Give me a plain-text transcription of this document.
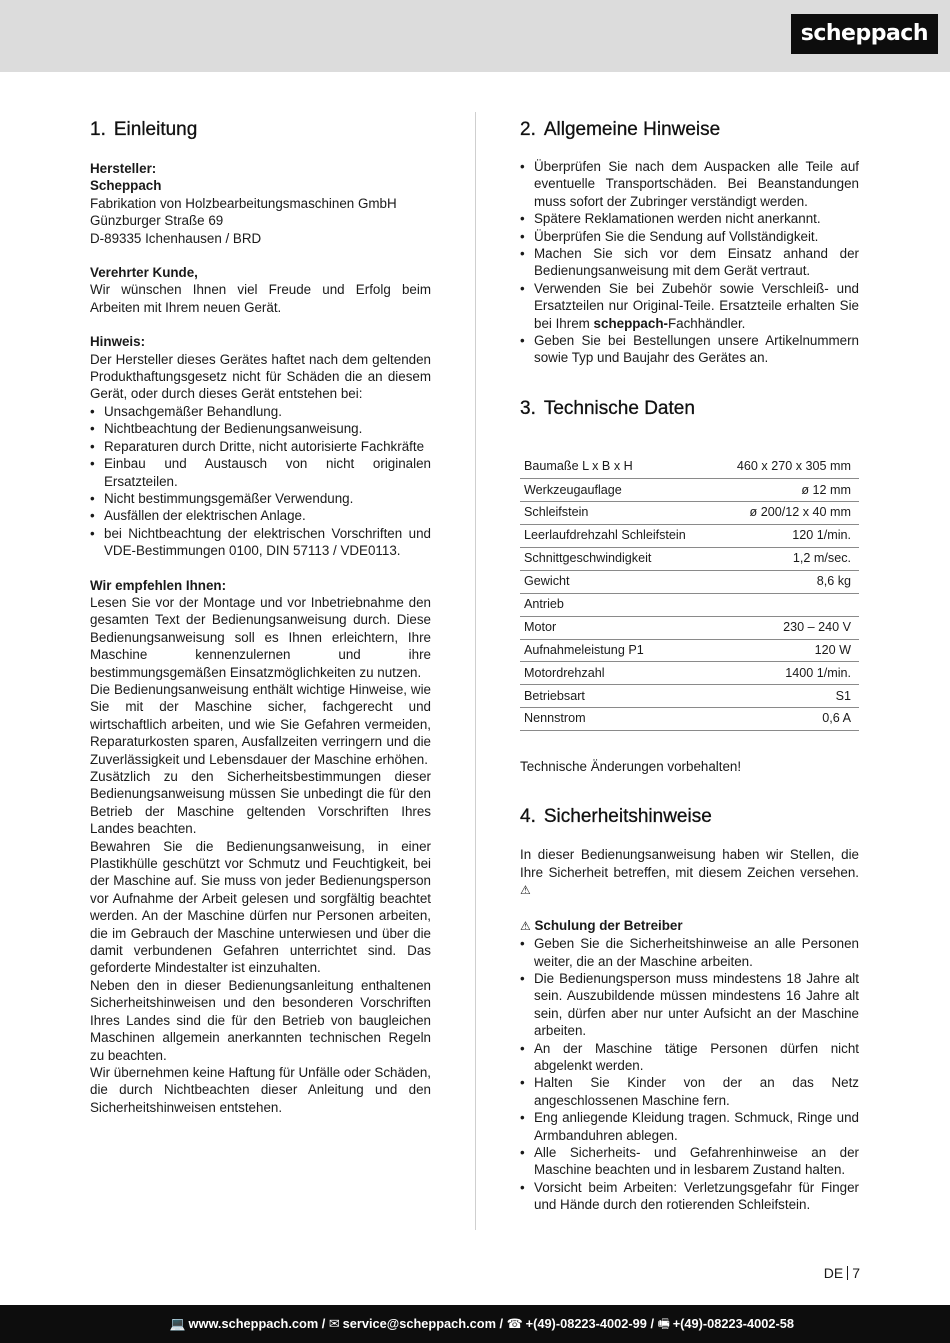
scheppach
1. Einleitung
Hersteller:
Scheppach
Fabrikation von Holzbearbeitungsmaschinen GmbH
Günzburger Straße 69
D-89335 Ichenhausen / BRD
Verehrter Kunde,

Wir wünschen Ihnen viel Freude und Erfolg beim Arbeiten mit Ihrem neuen Gerät.

Hinweis:

Der Hersteller dieses Gerätes haftet nach dem geltenden Produkthaftungsgesetz nicht für Schäden die an diesem Gerät, oder durch dieses Gerät entstehen bei:

• Unsachgemäßer Behandlung.
• Nichtbeachtung der Bedienungsanweisung.
• Reparaturen durch Dritte, nicht autorisierte Fachkräfte
• Einbau und Austausch von nicht originalen Ersatzteilen.
• Nicht bestimmungsgemäßer Verwendung.
• Ausfällen der elektrischen Anlage.
• bei Nichtbeachtung der elektrischen Vorschriften und VDE-Bestimmungen 0100, DIN 57113 / VDE0113.
Wir empfehlen Ihnen:

Lesen Sie vor der Montage und vor Inbetriebnahme den gesamten Text der Bedienungsanweisung durch. Diese Bedienungsanweisung soll es Ihnen erleichtern, Ihre Maschine kennenzulernen und ihre bestimmungsgemäßen Einsatzmöglichkeiten zu nutzen.

Die Bedienungsanweisung enthält wichtige Hinweise, wie Sie mit der Maschine sicher, fachgerecht und wirtschaftlich arbeiten, und wie Sie Gefahren vermeiden, Reparaturkosten sparen, Ausfallzeiten verringern und die Zuverlässigkeit und Lebensdauer der Maschine erhöhen.

Zusätzlich zu den Sicherheitsbestimmungen dieser Bedienungsanweisung müssen Sie unbedingt die für den Betrieb der Maschine geltenden Vorschriften Ihres Landes beachten.

Bewahren Sie die Bedienungsanweisung, in einer Plastikhülle geschützt vor Schmutz und Feuchtigkeit, bei der Maschine auf. Sie muss von jeder Bedienungsperson vor Aufnahme der Arbeit gelesen und sorgfältig beachtet werden. An der Maschine dürfen nur Personen arbeiten, die im Gebrauch der Maschine unterwiesen und über die damit verbundenen Gefahren unterrichtet sind. Das geforderte Mindestalter ist einzuhalten.

Neben den in dieser Bedienungsanleitung enthaltenen Sicherheitshinweisen und den besonderen Vorschriften Ihres Landes sind die für den Betrieb von baugleichen Maschinen allgemein anerkannten technischen Regeln zu beachten.

Wir übernehmen keine Haftung für Unfälle oder Schäden, die durch Nichtbeachten dieser Anleitung und den Sicherheitshinweisen entstehen.

2. Allgemeine Hinweise
• Überprüfen Sie nach dem Auspacken alle Teile auf eventuelle Transportschäden. Bei Beanstandungen muss sofort der Zubringer verständigt werden.
• Spätere Reklamationen werden nicht anerkannt.
• Überprüfen Sie die Sendung auf Vollständigkeit.
• Machen Sie sich vor dem Einsatz anhand der Bedienungsanweisung mit dem Gerät vertraut.
• Verwenden Sie bei Zubehör sowie Verschleiß- und Ersatzteilen nur Original-Teile. Ersatzteile erhalten Sie bei Ihrem scheppach-Fachhändler.
• Geben Sie bei Bestellungen unsere Artikelnummern sowie Typ und Baujahr des Gerätes an.
3. Technische Daten
Baumaße L x B x H	460 x 270 x 305 mm
Werkzeugauflage	ø 12 mm
Schleifstein	ø 200/12 x 40 mm
Leerlaufdrehzahl Schleifstein	120 1/min.
Schnittgeschwindigkeit	1,2 m/sec.
Gewicht	8,6 kg
Antrieb	
Motor	230 – 240 V
Aufnahmeleistung P1	120 W
Motordrehzahl	1400 1/min.
Betriebsart	S1
Nennstrom	0,6 A

Technische Änderungen vorbehalten!

4. Sicherheitshinweise

In dieser Bedienungsanweisung haben wir Stellen, die Ihre Sicherheit betreffen, mit diesem Zeichen versehen. ⚠

⚠ Schulung der Betreiber
• Geben Sie die Sicherheitshinweise an alle Personen weiter, die an der Maschine arbeiten.
• Die Bedienungsperson muss mindestens 18 Jahre alt sein. Auszubildende müssen mindestens 16 Jahre alt sein, dürfen aber nur unter Aufsicht an der Maschine arbeiten.
• An der Maschine tätige Personen dürfen nicht abgelenkt werden.
• Halten Sie Kinder von der an das Netz angeschlossenen Maschine fern.
• Eng anliegende Kleidung tragen. Schmuck, Ringe und Armbanduhren ablegen.
• Alle Sicherheits- und Gefahrenhinweise an der Maschine beachten und in lesbarem Zustand halten.
• Vorsicht beim Arbeiten: Verletzungsgefahr für Finger und Hände durch den rotierenden Schleifstein.
DE 7
💻 www.scheppach.com / ✉ service@scheppach.com / ☎ +(49)-08223-4002-99 / 🖷 +(49)-08223-4002-58
